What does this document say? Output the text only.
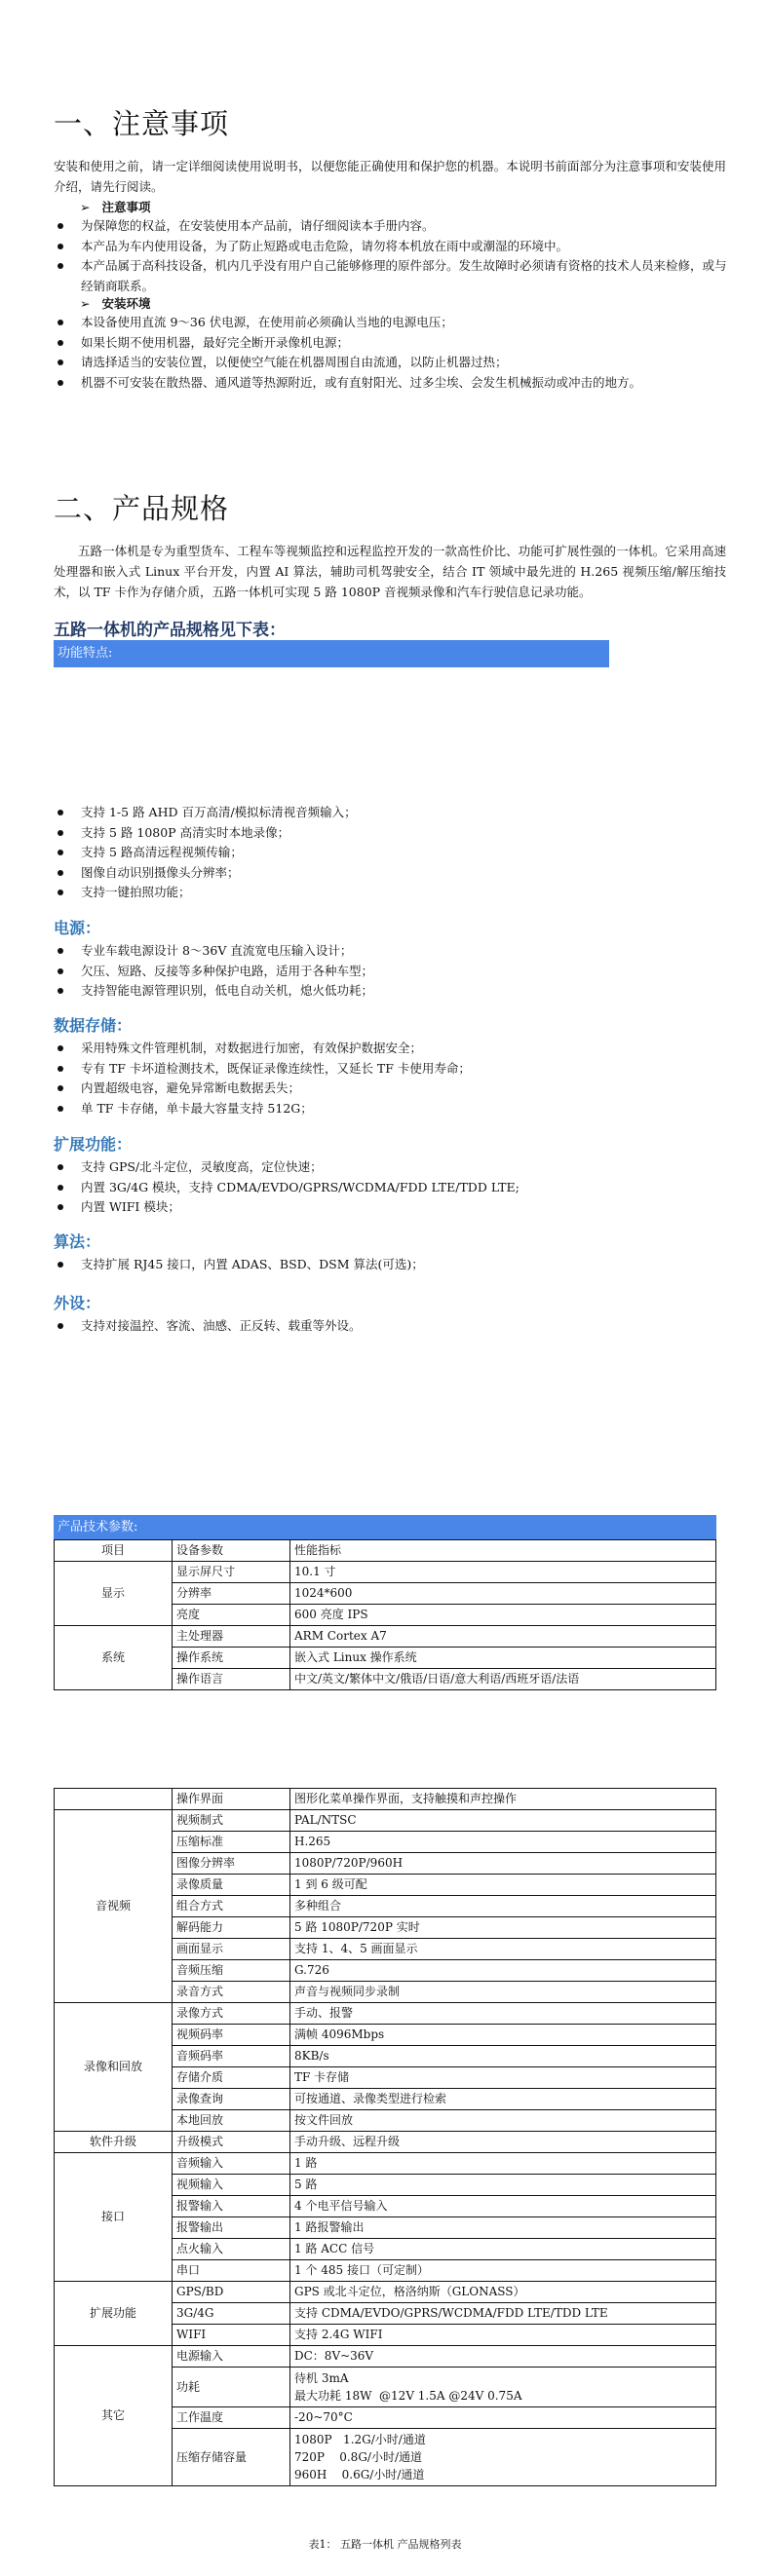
一、注意事项
安装和使用之前，请一定详细阅读使用说明书，以便您能正确使用和保护您的机器。本说明书前面部分为注意事项和安装使用介绍，请先行阅读。
➢ 注意事项
为保障您的权益，在安装使用本产品前，请仔细阅读本手册内容。
本产品为车内使用设备，为了防止短路或电击危险，请勿将本机放在雨中或潮湿的环境中。
本产品属于高科技设备，机内几乎没有用户自己能够修理的原件部分。发生故障时必须请有资格的技术人员来检修，或与经销商联系。
➢ 安装环境
本设备使用直流 9～36 伏电源，在使用前必须确认当地的电源电压；
如果长期不使用机器，最好完全断开录像机电源；
请选择适当的安装位置，以便使空气能在机器周围自由流通，以防止机器过热；
机器不可安装在散热器、通风道等热源附近，或有直射阳光、过多尘埃、会发生机械振动或冲击的地方。
二、产品规格
五路一体机是专为重型货车、工程车等视频监控和远程监控开发的一款高性价比、功能可扩展性强的一体机。它采用高速处理器和嵌入式 Linux 平台开发，内置 AI 算法，辅助司机驾驶安全，结合 IT 领域中最先进的 H.265 视频压缩/解压缩技术，以 TF 卡作为存储介质，五路一体机可实现 5 路 1080P 音视频录像和汽车行驶信息记录功能。
五路一体机的产品规格见下表：
功能特点:
支持 1-5 路 AHD 百万高清/模拟标清视音频输入；
支持 5 路 1080P 高清实时本地录像；
支持 5 路高清远程视频传输；
图像自动识别摄像头分辨率；
支持一键拍照功能；
电源：
专业车载电源设计 8～36V 直流宽电压输入设计；
欠压、短路、反接等多种保护电路，适用于各种车型；
支持智能电源管理识别，低电自动关机，熄火低功耗；
数据存储：
采用特殊文件管理机制，对数据进行加密，有效保护数据安全；
专有 TF 卡坏道检测技术，既保证录像连续性，又延长 TF 卡使用寿命；
内置超级电容，避免异常断电数据丢失；
单 TF 卡存储，单卡最大容量支持 512G；
扩展功能：
支持 GPS/北斗定位，灵敏度高，定位快速；
内置 3G/4G 模块，支持 CDMA/EVDO/GPRS/WCDMA/FDD LTE/TDD LTE;
内置 WIFI 模块；
算法：
支持扩展 RJ45 接口，内置 ADAS、BSD、DSM 算法(可选)；
外设：
支持对接温控、客流、油感、正反转、载重等外设。
产品技术参数:
项目	设备参数	性能指标
显示	显示屏尺寸	10.1 寸
	分辨率	1024*600
	亮度	600 亮度 IPS
系统	主处理器	ARM Cortex A7
	操作系统	嵌入式 Linux 操作系统
	操作语言	中文/英文/繁体中文/俄语/日语/意大利语/西班牙语/法语
	操作界面	图形化菜单操作界面，支持触摸和声控操作
音视频	视频制式	PAL/NTSC
	压缩标准	H.265
	图像分辨率	1080P/720P/960H
	录像质量	1 到 6 级可配
	组合方式	多种组合
	解码能力	5 路 1080P/720P 实时
	画面显示	支持 1、4、5 画面显示
	音频压缩	G.726
	录音方式	声音与视频同步录制
录像和回放	录像方式	手动、报警
	视频码率	满帧 4096Mbps
	音频码率	8KB/s
	存储介质	TF 卡存储
	录像查询	可按通道、录像类型进行检索
	本地回放	按文件回放
软件升级	升级模式	手动升级、远程升级
接口	音频输入	1 路
	视频输入	5 路
	报警输入	4 个电平信号输入
	报警输出	1 路报警输出
	点火输入	1 路 ACC 信号
	串口	1 个 485 接口（可定制）
扩展功能	GPS/BD	GPS 或北斗定位，格洛纳斯（GLONASS）
	3G/4G	支持 CDMA/EVDO/GPRS/WCDMA/FDD LTE/TDD LTE
	WIFI	支持 2.4G WIFI
其它	电源输入	DC：8V~36V
	功耗	待机 3mA
最大功耗 18W  @12V 1.5A @24V 0.75A
	工作温度	-20~70°C
	压缩存储容量	1080P   1.2G/小时/通道
720P    0.8G/小时/通道
960H    0.6G/小时/通道
表1： 五路一体机 产品规格列表
